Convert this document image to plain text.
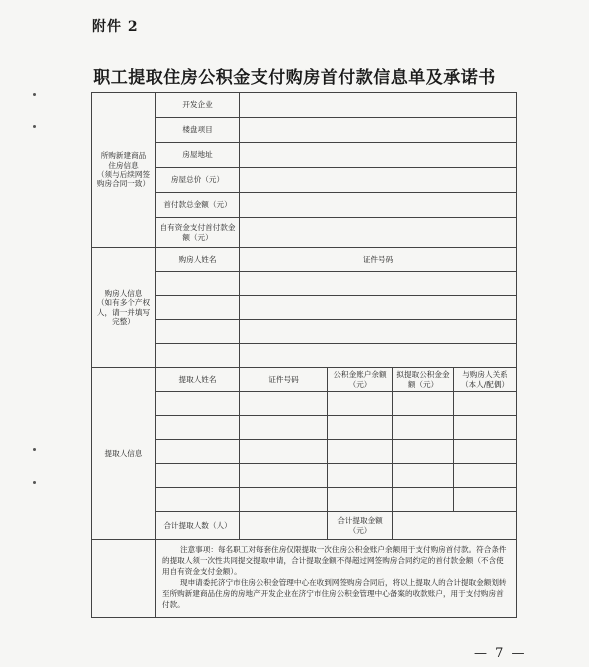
附件 2
职工提取住房公积金支付购房首付款信息单及承诺书
所购新建商品
住房信息
（须与后续网签
购房合同一致）	开发企业				
	楼盘项目				
	房屋地址				
	房屋总价（元）				
	首付款总金额（元）				
	自有资金支付首付款金额（元）				

购房人信息
（如有多个产权
人，请一并填写
完整）	购房人姓名	证件号码			

提取人信息	提取人姓名	证件号码	公积金账户余额（元）	拟提取公积金金额（元）	与购房人关系（本人/配偶）

	合计提取人数（人）		合计提取金额（元）		

	注意事项：每名职工对每套住房仅限提取一次住房公积金账户余额用于支付购房首付款。符合条件的提取人须一次性共同提交提取申请，合计提取金额不得超过网签购房合同约定的首付款金额（不含使用自有资金支付金额）。

现申请委托济宁市住房公积金管理中心在收到网签购房合同后，将以上提取人的合计提取金额划转至所购新建商品住房的房地产开发企业在济宁市住房公积金管理中心备案的收款账户，用于支付购房首付款。				

— 7 —
